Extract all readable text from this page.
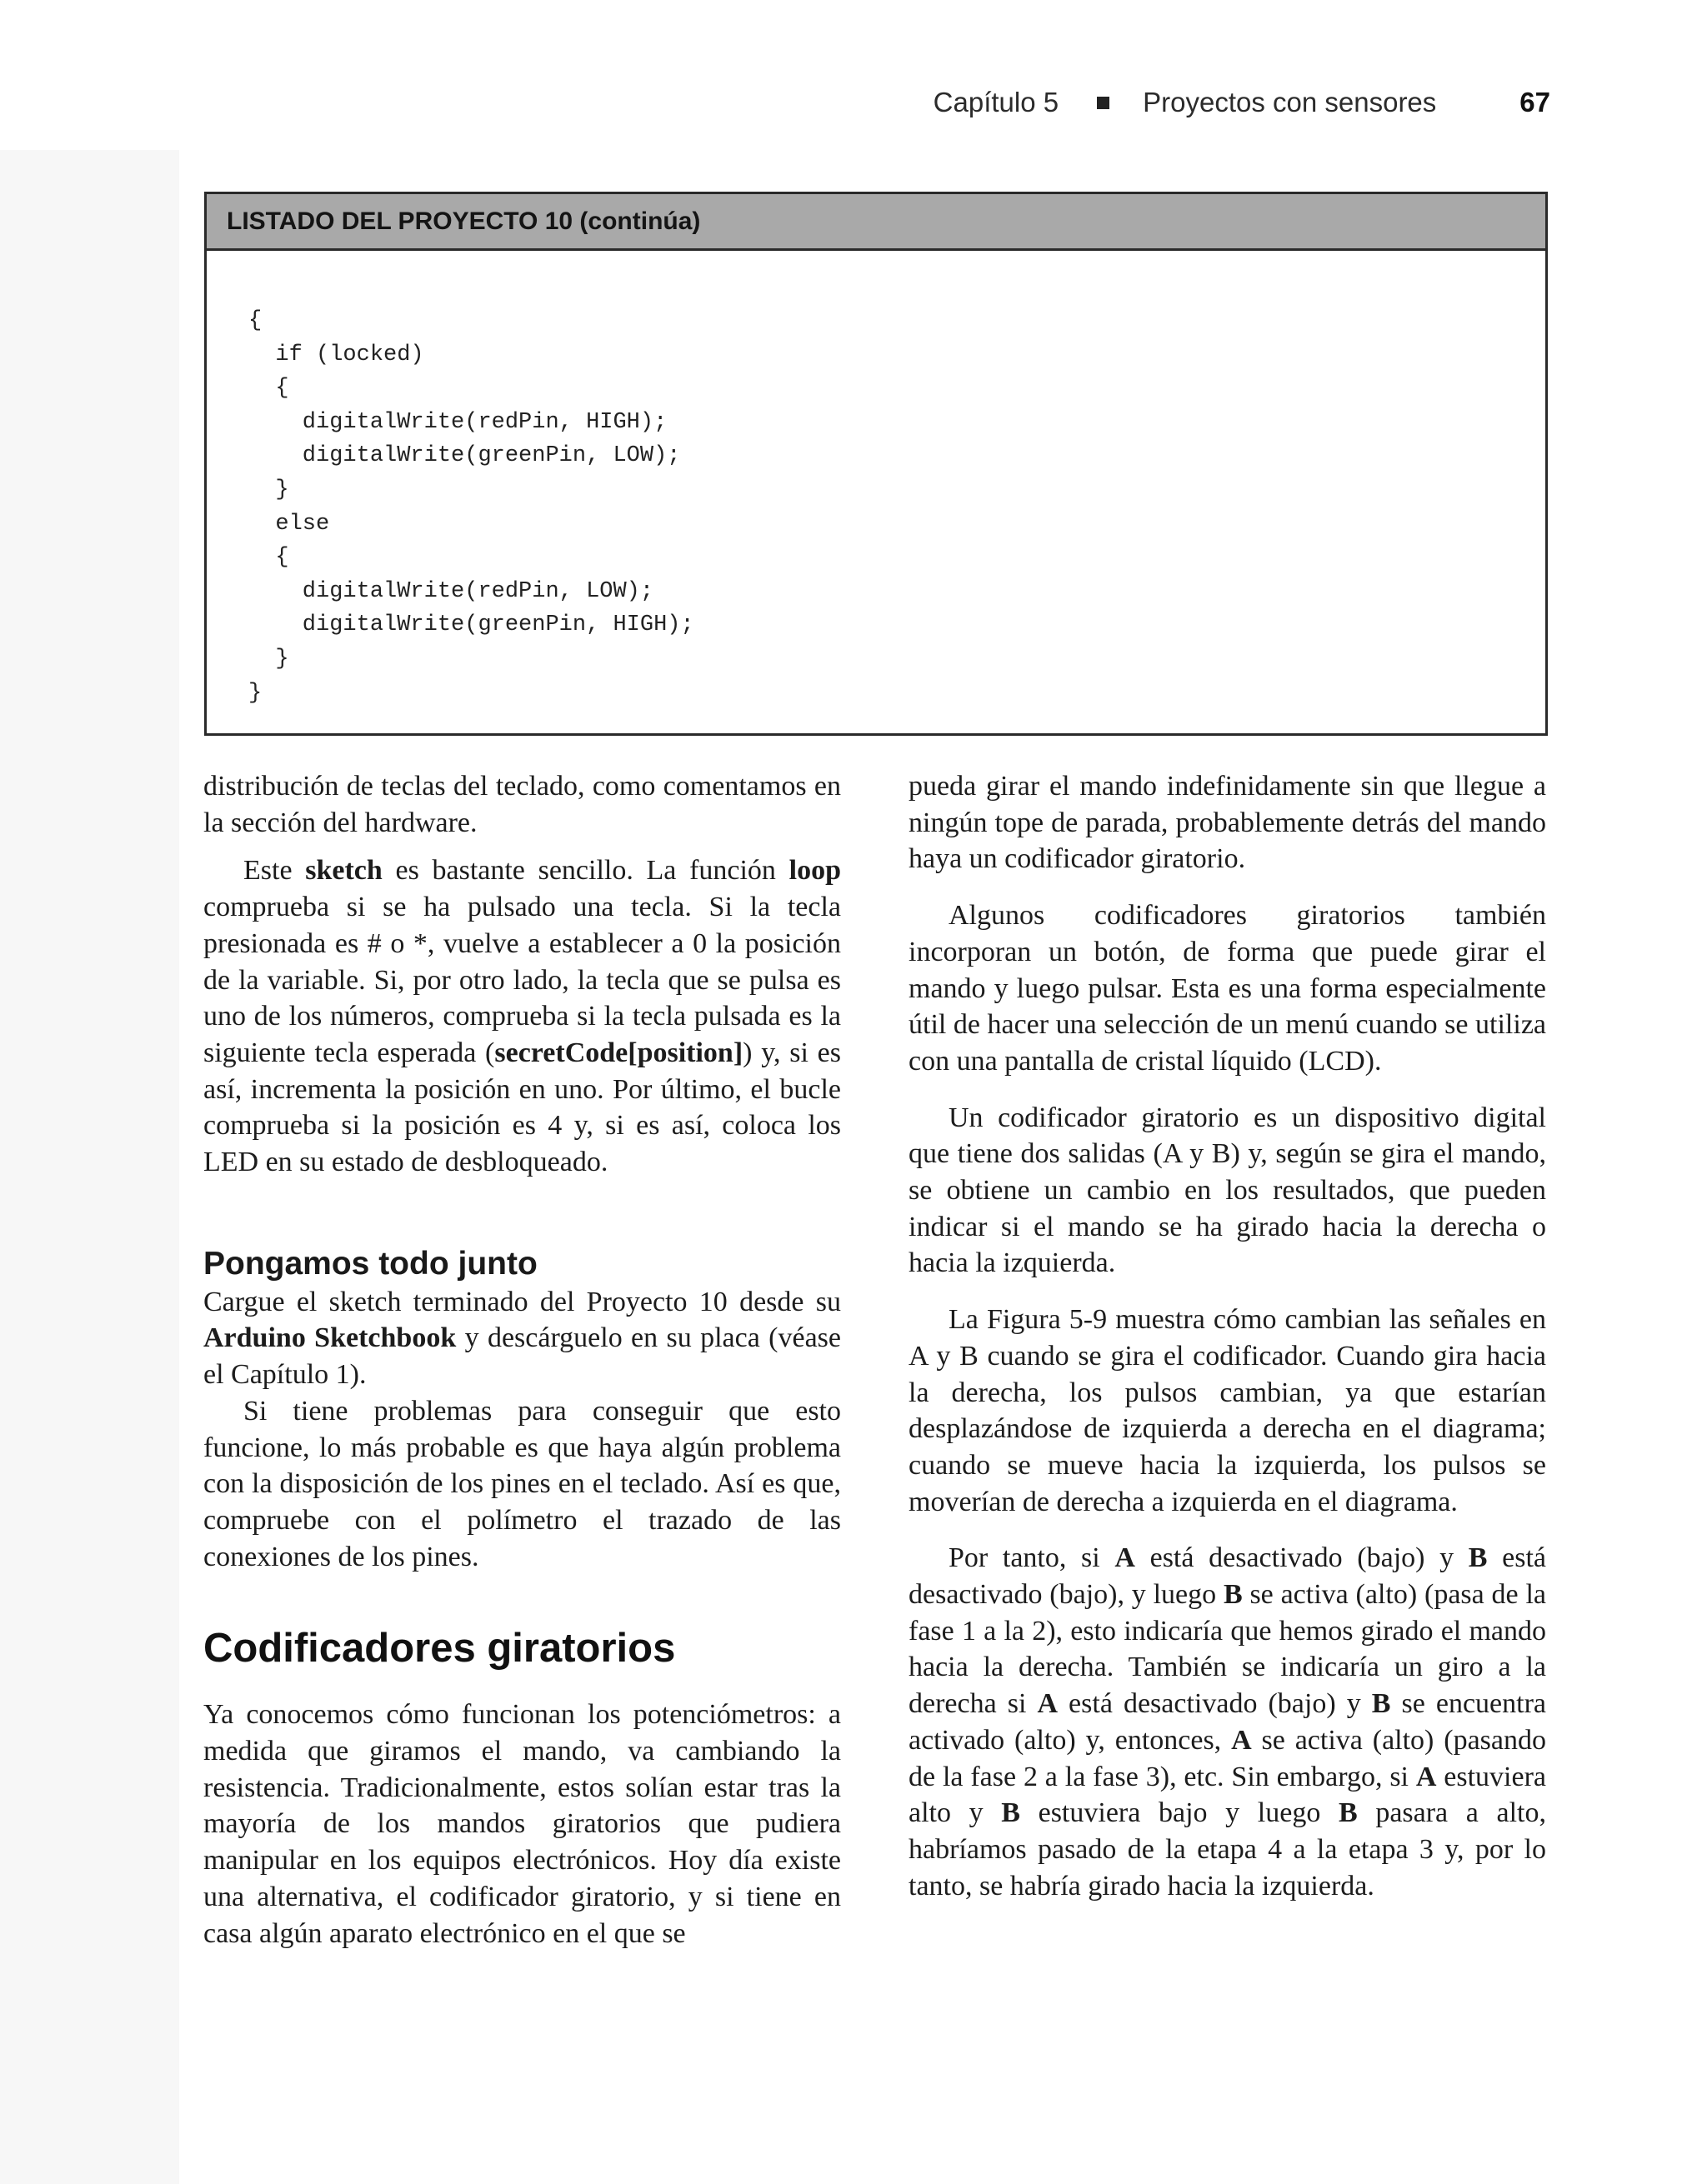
Capítulo 5	Proyectos con sensores	67
LISTADO DEL PROYECTO 10 (continúa)
{
if (locked)
{
digitalWrite(redPin, HIGH);
digitalWrite(greenPin, LOW);
}
else
{
digitalWrite(redPin, LOW);
digitalWrite(greenPin, HIGH);
}
}

distribución de teclas del teclado, como comentamos en la sección del hardware.

Este sketch es bastante sencillo. La función loop comprueba si se ha pulsado una tecla. Si la tecla presionada es # o *, vuelve a establecer a 0 la posición de la variable. Si, por otro lado, la tecla que se pulsa es uno de los números, comprueba si la tecla pulsada es la siguiente tecla esperada (secretCode[position]) y, si es así, incrementa la posición en uno. Por último, el bucle comprueba si la posición es 4 y, si es así, coloca los LED en su estado de desbloqueado.

Pongamos todo junto

Cargue el sketch terminado del Proyecto 10 desde su Arduino Sketchbook y descárguelo en su placa (véase el Capítulo 1).

Si tiene problemas para conseguir que esto funcione, lo más probable es que haya algún problema con la disposición de los pines en el teclado. Así es que, compruebe con el polímetro el trazado de las conexiones de los pines.

Codificadores giratorios

Ya conocemos cómo funcionan los potenciómetros: a medida que giramos el mando, va cambiando la resistencia. Tradicionalmente, estos solían estar tras la mayoría de los mandos giratorios que pudiera manipular en los equipos electrónicos. Hoy día existe una alternativa, el codificador giratorio, y si tiene en casa algún aparato electrónico en el que se

pueda girar el mando indefinidamente sin que llegue a ningún tope de parada, probablemente detrás del mando haya un codificador giratorio.

Algunos codificadores giratorios también incorporan un botón, de forma que puede girar el mando y luego pulsar. Esta es una forma especialmente útil de hacer una selección de un menú cuando se utiliza con una pantalla de cristal líquido (LCD).

Un codificador giratorio es un dispositivo digital que tiene dos salidas (A y B) y, según se gira el mando, se obtiene un cambio en los resultados, que pueden indicar si el mando se ha girado hacia la derecha o hacia la izquierda.

La Figura 5-9 muestra cómo cambian las señales en A y B cuando se gira el codificador. Cuando gira hacia la derecha, los pulsos cambian, ya que estarían desplazándose de izquierda a derecha en el diagrama; cuando se mueve hacia la izquierda, los pulsos se moverían de derecha a izquierda en el diagrama.

Por tanto, si A está desactivado (bajo) y B está desactivado (bajo), y luego B se activa (alto) (pasa de la fase 1 a la 2), esto indicaría que hemos girado el mando hacia la derecha. También se indicaría un giro a la derecha si A está desactivado (bajo) y B se encuentra activado (alto) y, entonces, A se activa (alto) (pasando de la fase 2 a la fase 3), etc. Sin embargo, si A estuviera alto y B estuviera bajo y luego B pasara a alto, habríamos pasado de la etapa 4 a la etapa 3 y, por lo tanto, se habría girado hacia la izquierda.
